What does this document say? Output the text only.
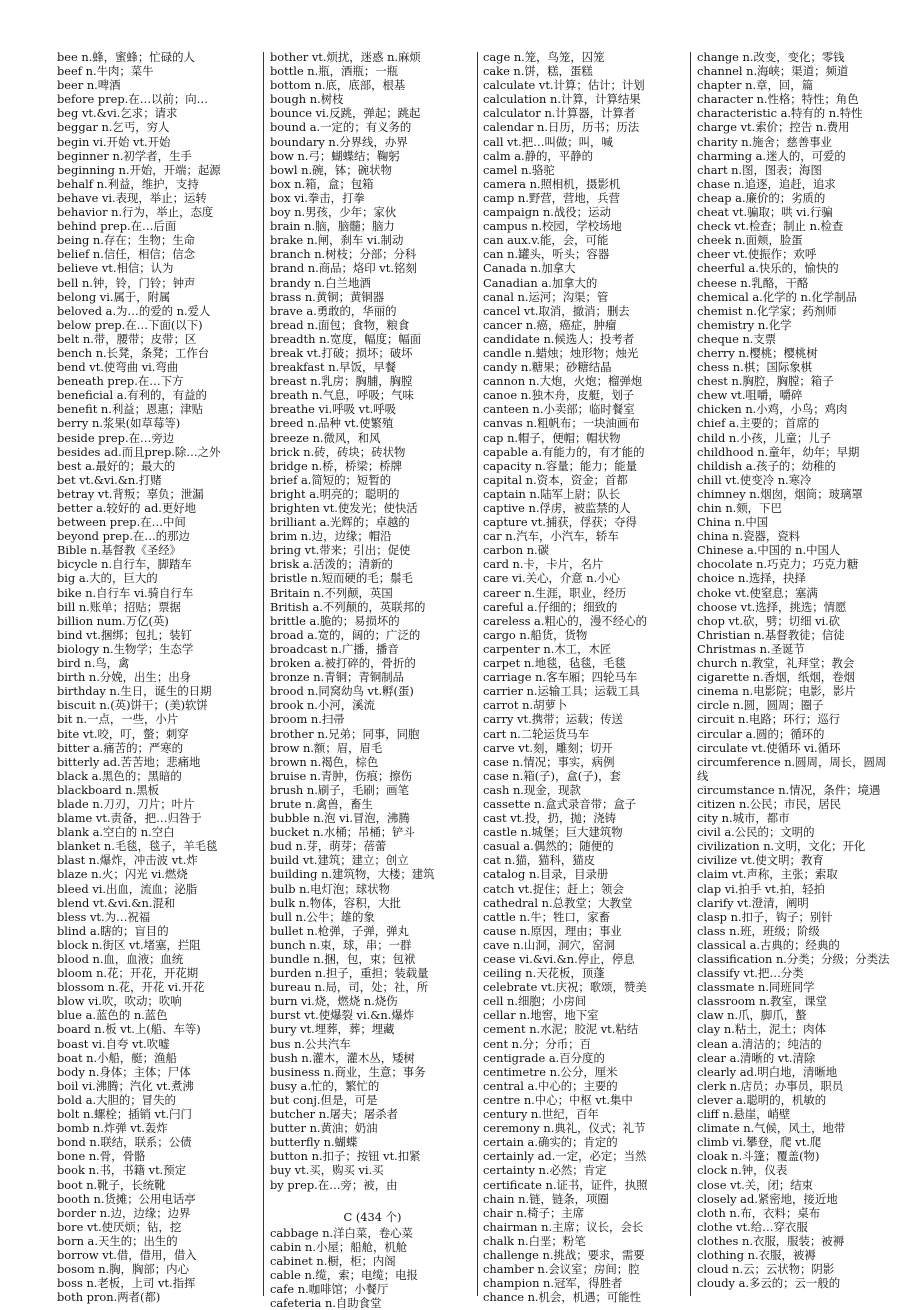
bee n.蜂，蜜蜂；忙碌的人
beef n.牛肉；菜牛
beer n.啤酒
before prep.在…以前；向…
beg vt.&vi.乞求；请求
beggar n.乞丐，穷人
begin vi.开始 vt.开始
beginner n.初学者，生手
beginning n.开始，开端；起源
behalf n.利益，维护，支持
behave vi.表现，举止；运转
behavior n.行为，举止，态度
behind prep.在…后面
being n.存在；生物；生命
belief n.信任，相信；信念
believe vt.相信；认为
bell n.钟，铃，门铃；钟声
belong vi.属于，附属
beloved a.为…的爱的 n.爱人
below prep.在…下面(以下)
belt n.带，腰带；皮带；区
bench n.长凳，条凳；工作台
bend vt.使弯曲 vi.弯曲
beneath prep.在…下方
beneficial a.有利的，有益的
benefit n.利益；恩惠；津贴
berry n.浆果(如草莓等)
beside prep.在…旁边
besides ad.而且prep.除…之外
best a.最好的；最大的
bet vt.&vi.&n.打赌
betray vt.背叛；辜负；泄漏
better a.较好的 ad.更好地
between prep.在…中间
beyond prep.在…的那边
Bible n.基督教《圣经》
bicycle n.自行车，脚踏车
big a.大的，巨大的
bike n.自行车 vi.骑自行车
bill n.账单；招贴；票据
billion num.万亿(英)
bind vt.捆绑；包扎；装钉
biology n.生物学；生态学
bird n.鸟，禽
birth n.分娩，出生；出身
birthday n.生日，诞生的日期
biscuit n.(英)饼干；(美)软饼
bit n.一点，一些，小片
bite vt.咬，叮，螫；刺穿
bitter a.痛苦的；严寒的
bitterly ad.苦苦地；悲痛地
black a.黑色的；黑暗的
blackboard n.黑板
blade n.刀刃，刀片；叶片
blame vt.责备，把…归咎于
blank a.空白的 n.空白
blanket n.毛毯，毯子，羊毛毯
blast n.爆炸，冲击波 vt.炸
blaze n.火；闪光 vi.燃烧
bleed vi.出血，流血；泌脂
blend vt.&vi.&n.混和
bless vt.为…祝福
blind a.瞎的；盲目的
block n.街区 vt.堵塞，拦阻
blood n.血，血液；血统
bloom n.花；开花，开花期
blossom n.花，开花 vi.开花
blow vi.吹，吹动；吹响
blue a.蓝色的 n.蓝色
board n.板 vt.上(船、车等)
boast vi.自夸 vt.吹嘘
boat n.小船，艇；渔船
body n.身体；主体；尸体
boil vi.沸腾；汽化 vt.煮沸
bold a.大胆的；冒失的
bolt n.螺栓；插销 vt.闩门
bomb n.炸弹 vt.轰炸
bond n.联结，联系；公债
bone n.骨，骨骼
book n.书，书籍 vt.预定
boot n.靴子，长统靴
booth n.货摊；公用电话亭
border n.边，边缘；边界
bore vt.使厌烦；钻，挖
born a.天生的；出生的
borrow vt.借，借用，借入
bosom n.胸，胸部；内心
boss n.老板，上司 vt.指挥
both pron.两者(都)
bother vt.烦扰，迷惑 n.麻烦
bottle n.瓶，酒瓶；一瓶
bottom n.底，底部，根基
bough n.树枝
bounce vi.反跳，弹起；跳起
bound a.一定的；有义务的
boundary n.分界线，办界
bow n.弓；蝴蝶结；鞠躬
bowl n.碗，钵；碗状物
box n.箱，盒；包箱
box vi.拳击，打拳
boy n.男孩，少年；家伙
brain n.脑，脑髓；脑力
brake n.闸，刹车 vi.制动
branch n.树枝；分部；分科
brand n.商品；烙印 vt.铭刻
brandy n.白兰地酒
brass n.黄铜；黄铜器
brave a.勇敢的，华丽的
bread n.面包；食物，粮食
breadth n.宽度，幅度；幅面
break vt.打破；损坏；破坏
breakfast n.早饭，早餐
breast n.乳房；胸脯，胸膛
breath n.气息，呼吸；气味
breathe vi.呼吸 vt.呼吸
breed n.品种 vt.使繁殖
breeze n.微风，和风
brick n.砖，砖块；砖状物
bridge n.桥，桥梁；桥牌
brief a.简短的；短暂的
bright a.明亮的；聪明的
brighten vt.使发光；使快活
brilliant a.光辉的；卓越的
brim n.边，边缘；帽沿
bring vt.带来；引出；促使
brisk a.活泼的；清新的
bristle n.短而硬的毛；鬃毛
Britain n.不列颠，英国
British a.不列颠的，英联邦的
brittle a.脆的；易损坏的
broad a.宽的，阔的；广泛的
broadcast n.广播，播音
broken a.被打碎的，骨折的
bronze n.青铜；青铜制品
brood n.同窝幼鸟 vt.孵(蛋)
brook n.小河，溪流
broom n.扫帚
brother n.兄弟；同事，同胞
brow n.额；眉，眉毛
brown n.褐色，棕色
bruise n.青肿，伤痕；擦伤
brush n.刷子，毛刷；画笔
brute n.禽兽，畜生
bubble n.泡 vi.冒泡，沸腾
bucket n.水桶；吊桶；铲斗
bud n.芽，萌芽；蓓蕾
build vt.建筑；建立；创立
building n.建筑物，大楼；建筑
bulb n.电灯泡；球状物
bulk n.物体，容积，大批
bull n.公牛；雄的象
bullet n.枪弹，子弹，弹丸
bunch n.束，球，串；一群
bundle n.捆，包，束；包袱
burden n.担子，重担；装载量
bureau n.局，司，处；社，所
burn vi.烧，燃烧 n.烧伤
burst vt.使爆裂 vi.&n.爆炸
bury vt.埋葬，葬；埋藏
bus n.公共汽车
bush n.灌木，灌木丛，矮树
business n.商业，生意；事务
busy a.忙的，繁忙的
but conj.但是，可是
butcher n.屠夫；屠杀者
butter n.黄油；奶油
butterfly n.蝴蝶
button n.扣子；按钮 vt.扣紧
buy vt.买，购买 vi.买
by prep.在…旁；被，由

C (434 个)
cabbage n.洋白菜，卷心菜
cabin n.小屋；船舱，机舱
cabinet n.橱，柜；内阁
cable n.缆，索；电缆；电报
cafe n.咖啡馆；小餐厅
cafeteria n.自助食堂
cage n.笼，鸟笼，囚笼
cake n.饼，糕，蛋糕
calculate vt.计算；估计；计划
calculation n.计算，计算结果
calculator n.计算器，计算者
calendar n.日历，历书；历法
call vt.把…叫做；叫，喊
calm a.静的，平静的
camel n.骆驼
camera n.照相机，摄影机
camp n.野营，营地，兵营
campaign n.战役；运动
campus n.校园，学校场地
can aux.v.能，会，可能
can n.罐头，听头；容器
Canada n.加拿大
Canadian a.加拿大的
canal n.运河；沟渠；管
cancel vt.取消，撤消；删去
cancer n.癌，癌症，肿瘤
candidate n.候选人；投考者
candle n.蜡烛；烛形物；烛光
candy n.糖果；砂糖结晶
cannon n.大炮，火炮；榴弹炮
canoe n.独木舟，皮艇，划子
canteen n.小卖部；临时餐室
canvas n.粗帆布；一块油画布
cap n.帽子，便帽；帽状物
capable a.有能力的，有才能的
capacity n.容量；能力；能量
capital n.资本，资金；首都
captain n.陆军上尉；队长
captive n.俘虏，被监禁的人
capture vt.捕获，俘获；夺得
car n.汽车，小汽车，轿车
carbon n.碳
card n.卡，卡片，名片
care vi.关心，介意 n.小心
career n.生涯，职业，经历
careful a.仔细的；细致的
careless a.粗心的，漫不经心的
cargo n.船货，货物
carpenter n.木工，木匠
carpet n.地毯，毡毯，毛毯
carriage n.客车厢；四轮马车
carrier n.运输工具；运载工具
carrot n.胡萝卜
carry vt.携带；运载；传送
cart n.二轮运货马车
carve vt.刻，雕刻；切开
case n.情况；事实，病例
case n.箱(子)，盒(子)，套
cash n.现金，现款
cassette n.盒式录音带；盒子
cast vt.投，扔，抛；浇铸
castle n.城堡；巨大建筑物
casual a.偶然的；随便的
cat n.猫，猫科，猫皮
catalog n.目录，目录册
catch vt.捉住；赶上；领会
cathedral n.总教堂；大教堂
cattle n.牛；牲口，家畜
cause n.原因，理由；事业
cave n.山洞，洞穴，窑洞
cease vi.&vi.&n.停止，停息
ceiling n.天花板，顶蓬
celebrate vt.庆祝；歌颂，赞美
cell n.细胞；小房间
cellar n.地窖，地下室
cement n.水泥；胶泥 vt.粘结
cent n.分；分币；百
centigrade a.百分度的
centimetre n.公分，厘米
central a.中心的；主要的
centre n.中心；中枢 vt.集中
century n.世纪，百年
ceremony n.典礼，仪式；礼节
certain a.确实的；肯定的
certainly ad.一定，必定；当然
certainty n.必然；肯定
certificate n.证书，证件，执照
chain n.链，链条，项圈
chair n.椅子；主席
chairman n.主席；议长，会长
chalk n.白垩；粉笔
challenge n.挑战；要求，需要
chamber n.会议室；房间；腔
champion n.冠军，得胜者
chance n.机会，机遇；可能性
change n.改变，变化；零钱
channel n.海峡；渠道；频道
chapter n.章，回，篇
character n.性格；特性；角色
characteristic a.特有的 n.特性
charge vt.索价；控告 n.费用
charity n.施舍；慈善事业
charming a.迷人的，可爱的
chart n.图，图表；海图
chase n.追逐，追赶，追求
cheap a.廉价的；劣质的
cheat vt.骗取；哄 vi.行骗
check vt.检查；制止 n.检查
cheek n.面颊，脸蛋
cheer vt.使振作；欢呼
cheerful a.快乐的，愉快的
cheese n.乳酪，干酪
chemical a.化学的 n.化学制品
chemist n.化学家；药剂师
chemistry n.化学
cheque n.支票
cherry n.樱桃；樱桃树
chess n.棋；国际象棋
chest n.胸腔，胸膛；箱子
chew vt.咀嚼，嚼碎
chicken n.小鸡，小鸟；鸡肉
chief a.主要的；首席的
child n.小孩，儿童；儿子
childhood n.童年，幼年；早期
childish a.孩子的；幼稚的
chill vt.使变冷 n.寒冷
chimney n.烟囱，烟筒；玻璃罩
chin n.颏，下巴
China n.中国
china n.瓷器，瓷料
Chinese a.中国的 n.中国人
chocolate n.巧克力；巧克力糖
choice n.选择，抉择
choke vt.使窒息；塞满
choose vt.选择，挑选；情愿
chop vt.砍，劈；切细 vi.砍
Christian n.基督教徒；信徒
Christmas n.圣诞节
church n.教堂，礼拜堂；教会
cigarette n.香烟，纸烟，卷烟
cinema n.电影院；电影，影片
circle n.圆，圆周；圈子
circuit n.电路；环行；巡行
circular a.圆的；循环的
circulate vt.使循环 vi.循环
circumference n.圆周，周长，圆周线
circumstance n.情况，条件；境遇
citizen n.公民；市民，居民
city n.城市，都市
civil a.公民的；文明的
civilization n.文明，文化；开化
civilize vt.使文明；教育
claim vt.声称，主张；索取
clap vi.拍手 vt.拍，轻拍
clarify vt.澄清，阐明
clasp n.扣子，钩子；别针
class n.班，班级；阶级
classical a.古典的；经典的
classification n.分类；分级；分类法
classify vt.把…分类
classmate n.同班同学
classroom n.教室，课堂
claw n.爪，脚爪，螯
clay n.粘土，泥土；肉体
clean a.清洁的；纯洁的
clear a.清晰的 vt.清除
clearly ad.明白地，清晰地
clerk n.店员；办事员，职员
clever a.聪明的，机敏的
cliff n.悬崖，峭壁
climate n.气候，风土，地带
climb vi.攀登，爬 vt.爬
cloak n.斗篷；覆盖(物)
clock n.钟，仪表
close vt.关，闭；结束
closely ad.紧密地，接近地
cloth n.布，衣料；桌布
clothe vt.给…穿衣服
clothes n.衣服，服装；被褥
clothing n.衣服，被褥
cloud n.云；云状物；阴影
cloudy a.多云的；云一般的
